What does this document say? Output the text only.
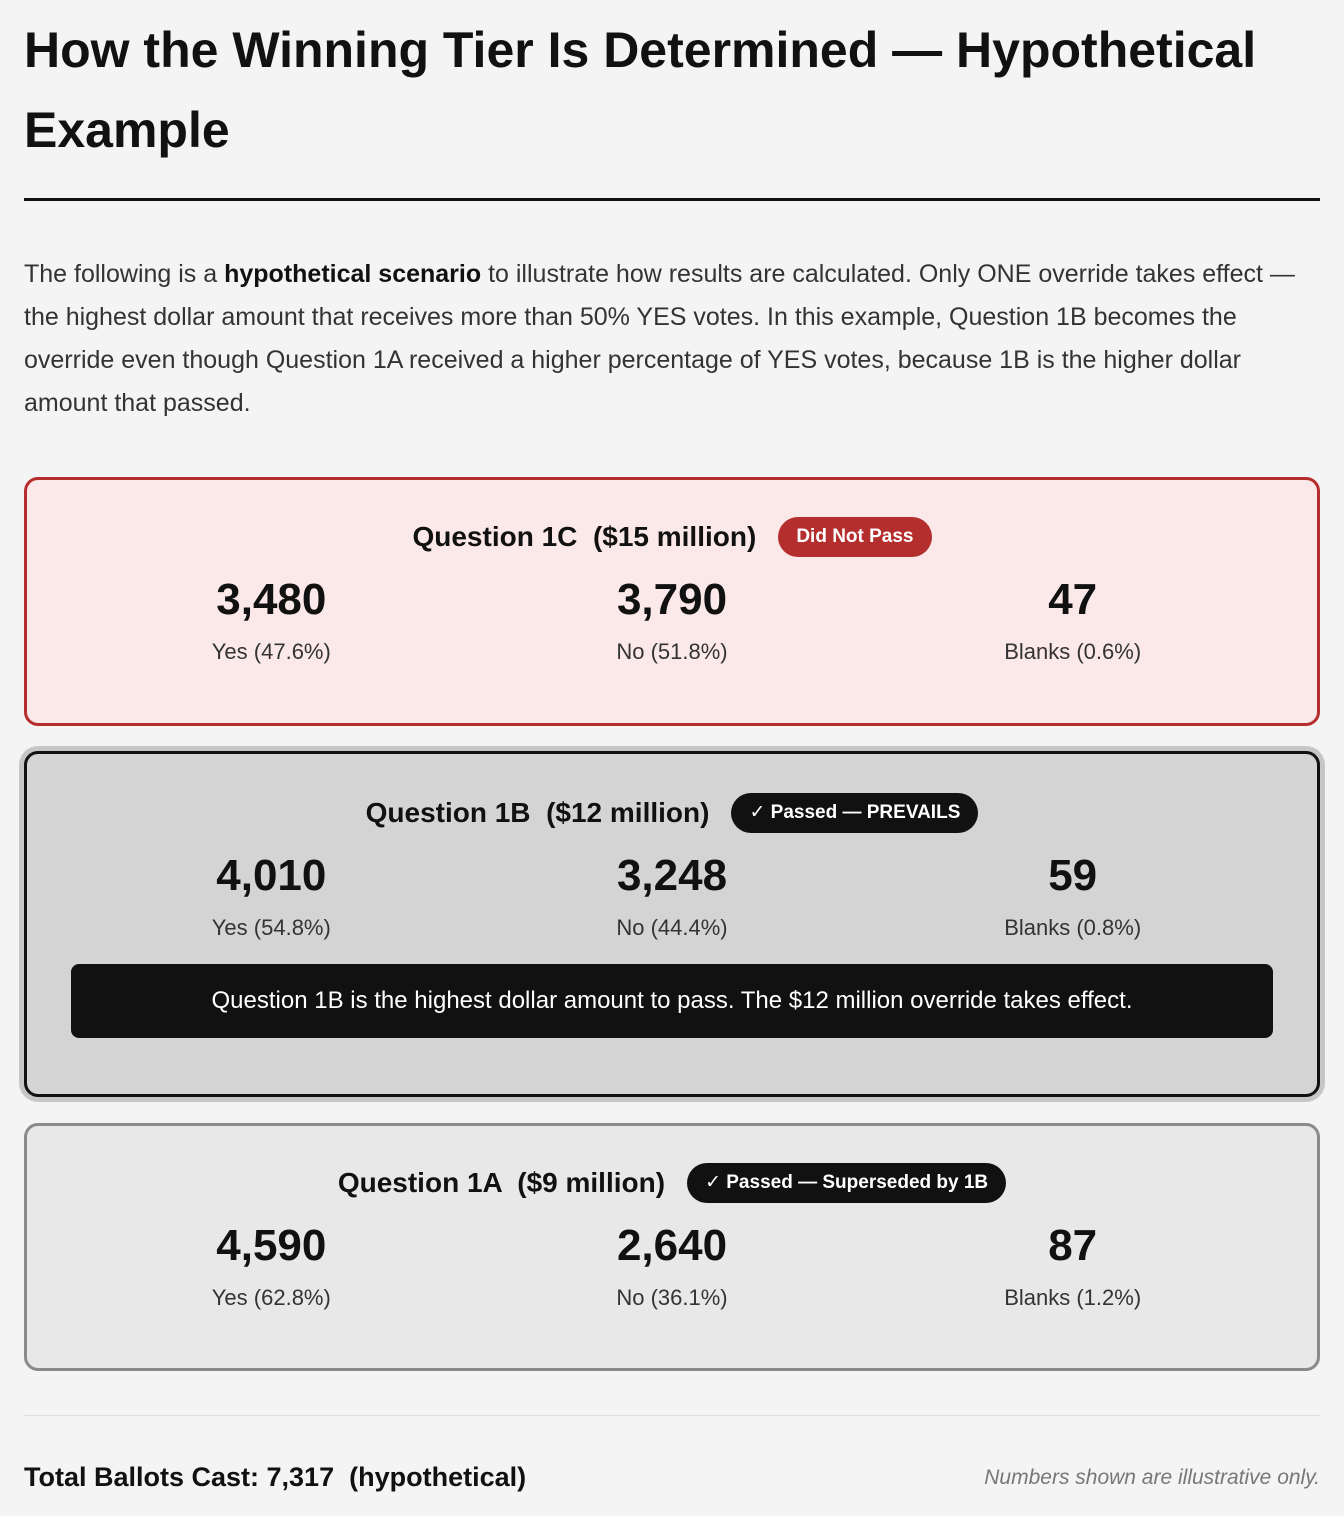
How the Winning Tier Is Determined — Hypothetical Example

The following is a hypothetical scenario to illustrate how results are calculated. Only ONE override takes effect — the highest dollar amount that receives more than 50% YES votes. In this example, Question 1B becomes the override even though Question 1A received a higher percentage of YES votes, because 1B is the higher dollar amount that passed.

Question 1C  ($15 million)	Did Not Pass
3,480
Yes (47.6%)
3,790
No (51.8%)
47
Blanks (0.6%)
Question 1B  ($12 million)	✓ Passed — PREVAILS
4,010
Yes (54.8%)
3,248
No (44.4%)
59
Blanks (0.8%)
Question 1B is the highest dollar amount to pass. The $12 million override takes effect.
Question 1A  ($9 million)	✓ Passed — Superseded by 1B
4,590
Yes (62.8%)
2,640
No (36.1%)
87
Blanks (1.2%)
Total Ballots Cast: 7,317  (hypothetical)	Numbers shown are illustrative only.
